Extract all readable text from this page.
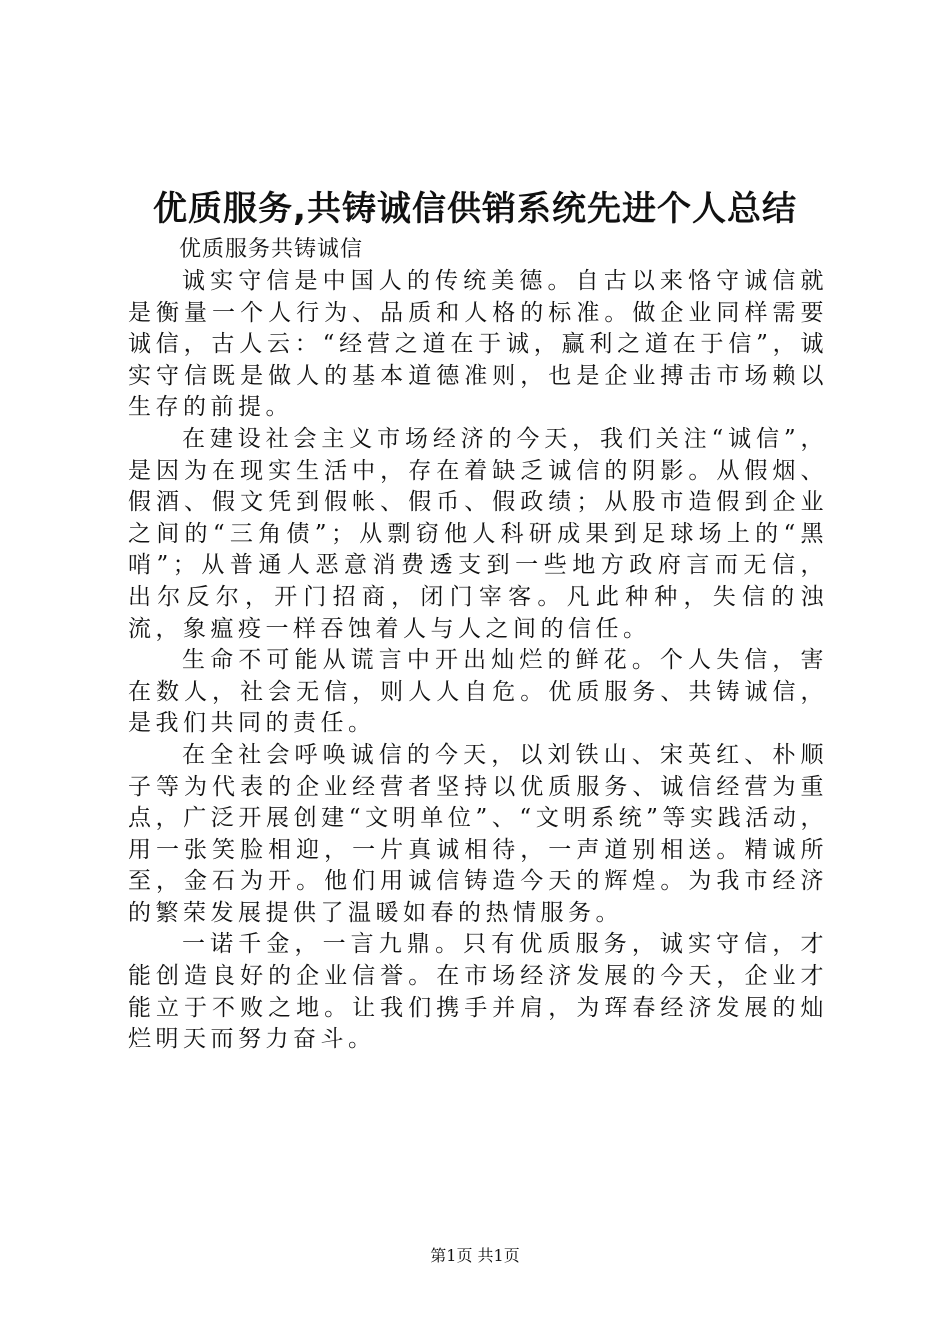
优质服务,共铸诚信供销系统先进个人总结

优质服务共铸诚信

诚实守信是中国人的传统美德。自古以来恪守诚信就是衡量一个人行为、品质和人格的标准。做企业同样需要诚信，古人云：“经营之道在于诚，赢利之道在于信”，诚实守信既是做人的基本道德准则，也是企业搏击市场赖以生存的前提。

在建设社会主义市场经济的今天，我们关注“诚信”，是因为在现实生活中，存在着缺乏诚信的阴影。从假烟、假酒、假文凭到假帐、假币、假政绩；从股市造假到企业之间的“三角债”；从剽窃他人科研成果到足球场上的“黑哨”；从普通人恶意消费透支到一些地方政府言而无信，出尔反尔，开门招商，闭门宰客。凡此种种，失信的浊流，象瘟疫一样吞蚀着人与人之间的信任。

生命不可能从谎言中开出灿烂的鲜花。个人失信，害在数人，社会无信，则人人自危。优质服务、共铸诚信，是我们共同的责任。

在全社会呼唤诚信的今天，以刘铁山、宋英红、朴顺子等为代表的企业经营者坚持以优质服务、诚信经营为重点，广泛开展创建“文明单位”、“文明系统”等实践活动，用一张笑脸相迎，一片真诚相待，一声道别相送。精诚所至，金石为开。他们用诚信铸造今天的辉煌。为我市经济的繁荣发展提供了温暖如春的热情服务。

一诺千金，一言九鼎。只有优质服务，诚实守信，才能创造良好的企业信誉。在市场经济发展的今天，企业才能立于不败之地。让我们携手并肩，为珲春经济发展的灿烂明天而努力奋斗。

第1页 共1页
